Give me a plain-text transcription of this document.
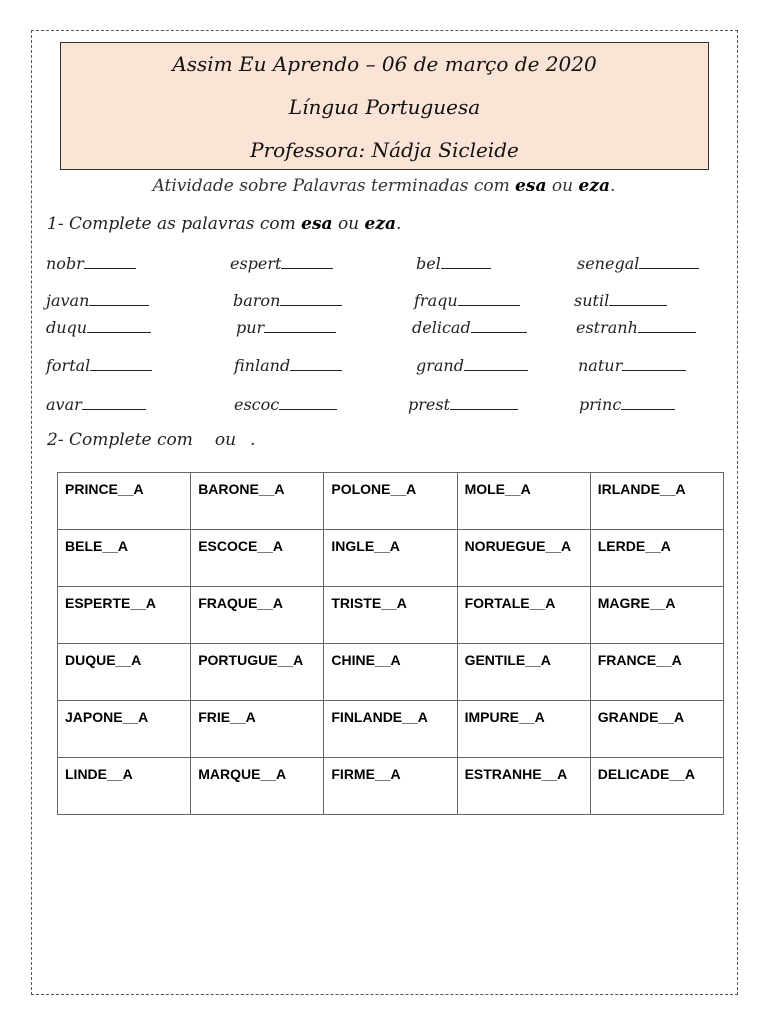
Assim Eu Aprendo – 06 de março de 2020
Língua Portuguesa
Professora: Nádja Sicleide
Atividade sobre Palavras terminadas com esa ou eza.
1- Complete as palavras com esa ou eza.
nobr	espert	bel	senegal
javan	baron	fraqu	sutil
duqu	pur	delicad	estranh
fortal	finland	grand	natur
avar	escoc	prest	princ
2- Complete com ou .
PRINCE__A	BARONE__A	POLONE__A	MOLE__A	IRLANDE__A
BELE__A	ESCOCE__A	INGLE__A	NORUEGUE__A	LERDE__A
ESPERTE__A	FRAQUE__A	TRISTE__A	FORTALE__A	MAGRE__A
DUQUE__A	PORTUGUE__A	CHINE__A	GENTILE__A	FRANCE__A
JAPONE__A	FRIE__A	FINLANDE__A	IMPURE__A	GRANDE__A
LINDE__A	MARQUE__A	FIRME__A	ESTRANHE__A	DELICADE__A
